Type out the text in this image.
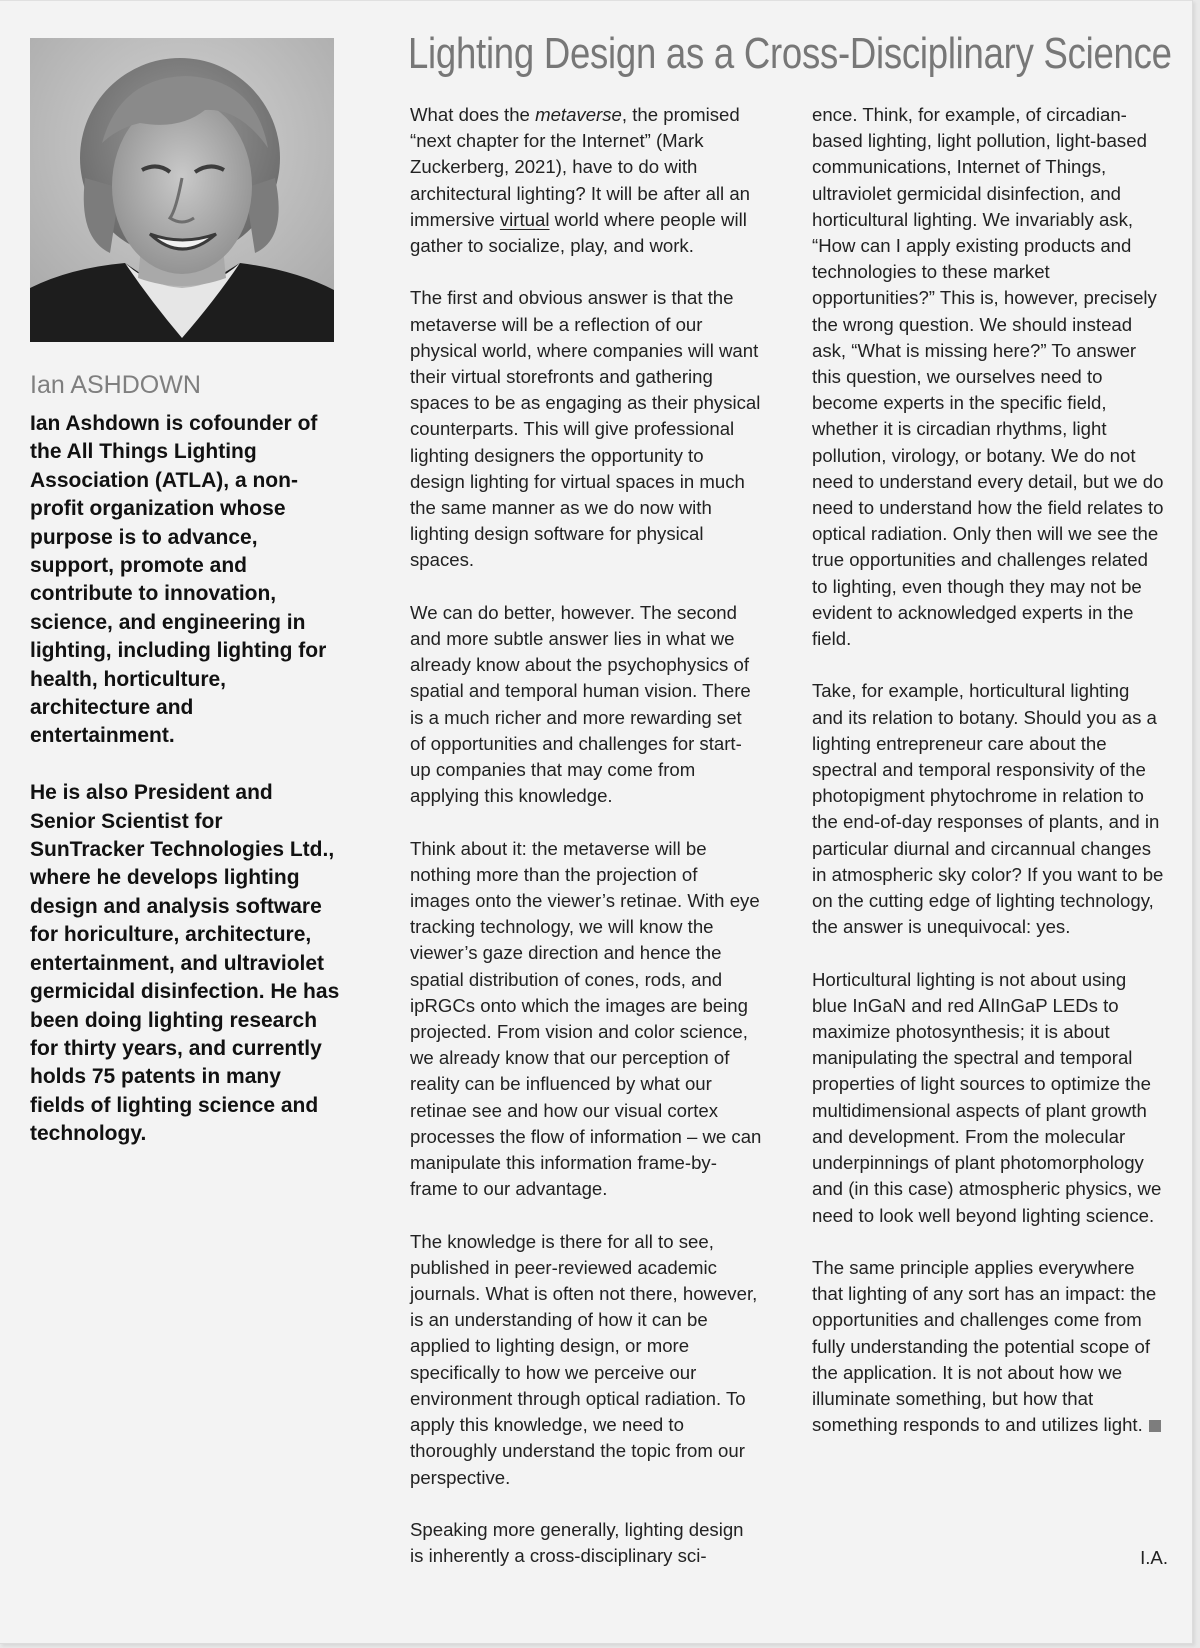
Ian ASHDOWN

Ian Ashdown is cofounder of the All Things Lighting Association (ATLA), a non-profit organization whose purpose is to advance, support, promote and contribute to innovation, science, and engineering in lighting, including lighting for health, horticulture, architecture and entertainment.

He is also President and Senior Scientist for SunTracker Technologies Ltd., where he develops lighting design and analysis software for horiculture, architecture, entertainment, and ultraviolet germicidal disinfection. He has been doing lighting research for thirty years, and currently holds 75 patents in many fields of lighting science and technology.

Lighting Design as a Cross-Disciplinary Science

What does the metaverse, the promised “next chapter for the Internet” (Mark Zuckerberg, 2021), have to do with architectural lighting? It will be after all an immersive virtual world where people will gather to socialize, play, and work.

The first and obvious answer is that the metaverse will be a reflection of our physical world, where companies will want their virtual storefronts and gathering spaces to be as engaging as their physical counterparts. This will give professional lighting designers the opportunity to design lighting for virtual spaces in much the same manner as we do now with lighting design software for physical spaces.

We can do better, however. The second and more subtle answer lies in what we already know about the psychophysics of spatial and temporal human vision. There is a much richer and more rewarding set of opportunities and challenges for start-up companies that may come from applying this knowledge.

Think about it: the metaverse will be nothing more than the projection of images onto the viewer’s retinae. With eye tracking technology, we will know the viewer’s gaze direction and hence the spatial distribution of cones, rods, and ipRGCs onto which the images are being projected. From vision and color science, we already know that our perception of reality can be influenced by what our retinae see and how our visual cortex processes the flow of information – we can manipulate this information frame-by-frame to our advantage.

The knowledge is there for all to see, published in peer-reviewed academic journals. What is often not there, however, is an understanding of how it can be applied to lighting design, or more specifically to how we perceive our environment through optical radiation. To apply this knowledge, we need to thoroughly understand the topic from our perspective.

Speaking more generally, lighting design is inherently a cross-disciplinary sci-

ence. Think, for example, of circadian-based lighting, light pollution, light-based communications, Internet of Things, ultraviolet germicidal disinfection, and horticultural lighting. We invariably ask, “How can I apply existing products and technologies to these market opportunities?” This is, however, precisely the wrong question. We should instead ask, “What is missing here?” To answer this question, we ourselves need to become experts in the specific field, whether it is circadian rhythms, light pollution, virology, or botany. We do not need to understand every detail, but we do need to understand how the field relates to optical radiation. Only then will we see the true opportunities and challenges related to lighting, even though they may not be evident to acknowledged experts in the field.

Take, for example, horticultural lighting and its relation to botany. Should you as a lighting entrepreneur care about the spectral and temporal responsivity of the photopigment phytochrome in relation to the end-of-day responses of plants, and in particular diurnal and circannual changes in atmospheric sky color? If you want to be on the cutting edge of lighting technology, the answer is unequivocal: yes.

Horticultural lighting is not about using blue InGaN and red AlInGaP LEDs to maximize photosynthesis; it is about manipulating the spectral and temporal properties of light sources to optimize the multidimensional aspects of plant growth and development. From the molecular underpinnings of plant photomorphology and (in this case) atmospheric physics, we need to look well beyond lighting science.

The same principle applies everywhere that lighting of any sort has an impact: the opportunities and challenges come from fully understanding the potential scope of the application. It is not about how we illuminate something, but how that something responds to and utilizes light.

I.A.
